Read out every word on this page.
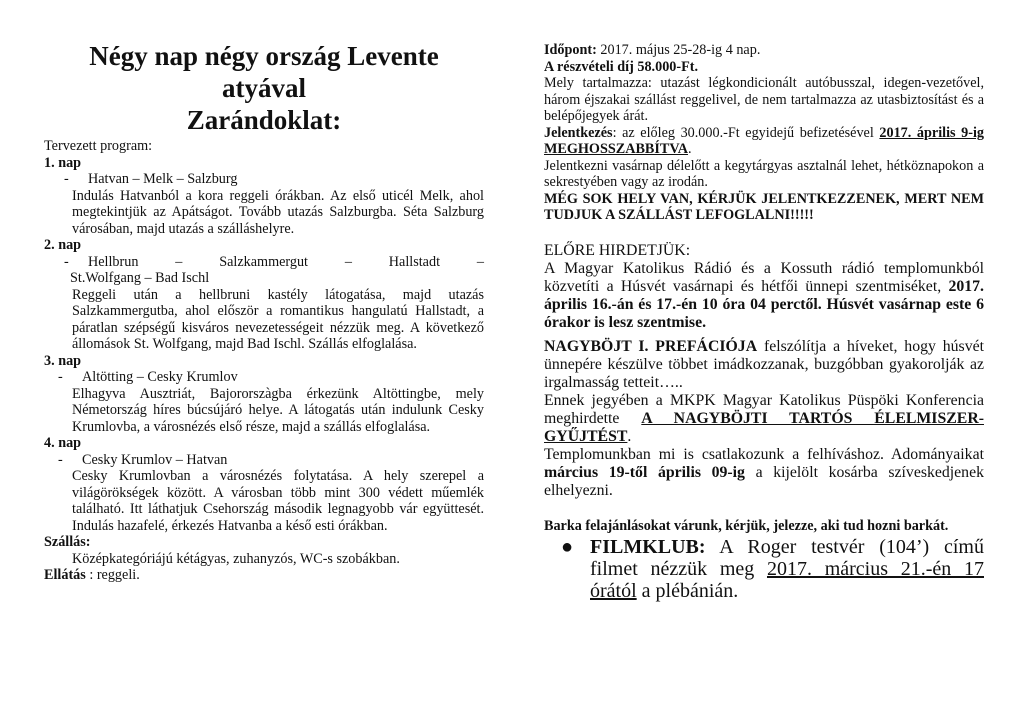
Négy nap négy ország Levente atyával

Zarándoklat:

Tervezett program:

1. nap

-	Hatvan – Melk – Salzburg

Indulás Hatvanból a kora reggeli órákban. Az első uticél Melk, ahol megtekintjük az Apátságot. Tovább utazás Salzburgba. Séta Salzburg városában, majd utazás a szálláshelyre.

2. nap

-	Hellbrun	–	Salzkammergut	–	Hallstadt	–

St.Wolfgang – Bad Ischl

Reggeli után a hellbruni kastély látogatása, majd utazás Salzkammergutba, ahol először a romantikus hangulatú Hallstadt, a páratlan szépségű kisváros nevezetességeit nézzük meg. A következő állomások St. Wolfgang, majd Bad Ischl. Szállás elfoglalása.

3. nap

-	Altötting – Cesky Krumlov

Elhagyva Ausztriát, Bajororszàgba érkezünk Altöttingbe, mely Németország híres búcsújáró helye. A látogatás után indulunk Cesky Krumlovba, a városnézés első része, majd a szállás elfoglalása.

4. nap

-	Cesky Krumlov – Hatvan

Cesky Krumlovban a városnézés folytatása. A hely szerepel a világörökségek között. A városban több mint 300 védett műemlék található. Itt láthatjuk Csehország második legnagyobb vár együttesét. Indulás hazafelé, érkezés Hatvanba a késő esti órákban.

Szállás:

Középkategóriájú kétágyas, zuhanyzós, WC-s szobákban.

Ellátás : reggeli.

Időpont: 2017. május 25-28-ig 4 nap.

A részvételi díj 58.000-Ft.

Mely tartalmazza: utazást légkondicionált autóbusszal, idegen-vezetővel, három éjszakai szállást reggelivel, de nem tartalmazza az utasbiztosítást és a belépőjegyek árát.

Jelentkezés: az előleg 30.000.-Ft egyidejű befizetésével 2017. április 9-ig MEGHOSSZABBÍTVA.

Jelentkezni vasárnap délelőtt a kegytárgyas asztalnál lehet, hétköznapokon a sekrestyében vagy az irodán.

MÉG SOK HELY VAN, KÉRJÜK JELENTKEZZENEK, MERT NEM TUDJUK A SZÁLLÁST LEFOGLALNI!!!!!

ELŐRE HIRDETJÜK:

A Magyar Katolikus Rádió és a Kossuth rádió templomunkból közvetíti a Húsvét vasárnapi és hétfői ünnepi szentmiséket, 2017. április 16.-án és 17.-én 10 óra 04 perctől. Húsvét vasárnap este 6 órakor is lesz szentmise.

NAGYBÖJT I. PREFÁCIÓJA felszólítja a híveket, hogy húsvét ünnepére készülve többet imádkozzanak, buzgóbban gyakorolják az irgalmasság tetteit…..

Ennek jegyében a MKPK Magyar Katolikus Püspöki Konferencia meghirdette A NAGYBÖJTI TARTÓS ÉLELMISZER-GYŰJTÉST.

Templomunkban mi is csatlakozunk a felhíváshoz. Adományaikat március 19-től április 09-ig a kijelölt kosárba szíveskedjenek elhelyezni.

Barka felajánlásokat várunk, kérjük, jelezze, aki tud hozni barkát.

● FILMKLUB: A Roger testvér (104’) című filmet nézzük meg 2017. március 21.-én 17 órától a plébánián.
